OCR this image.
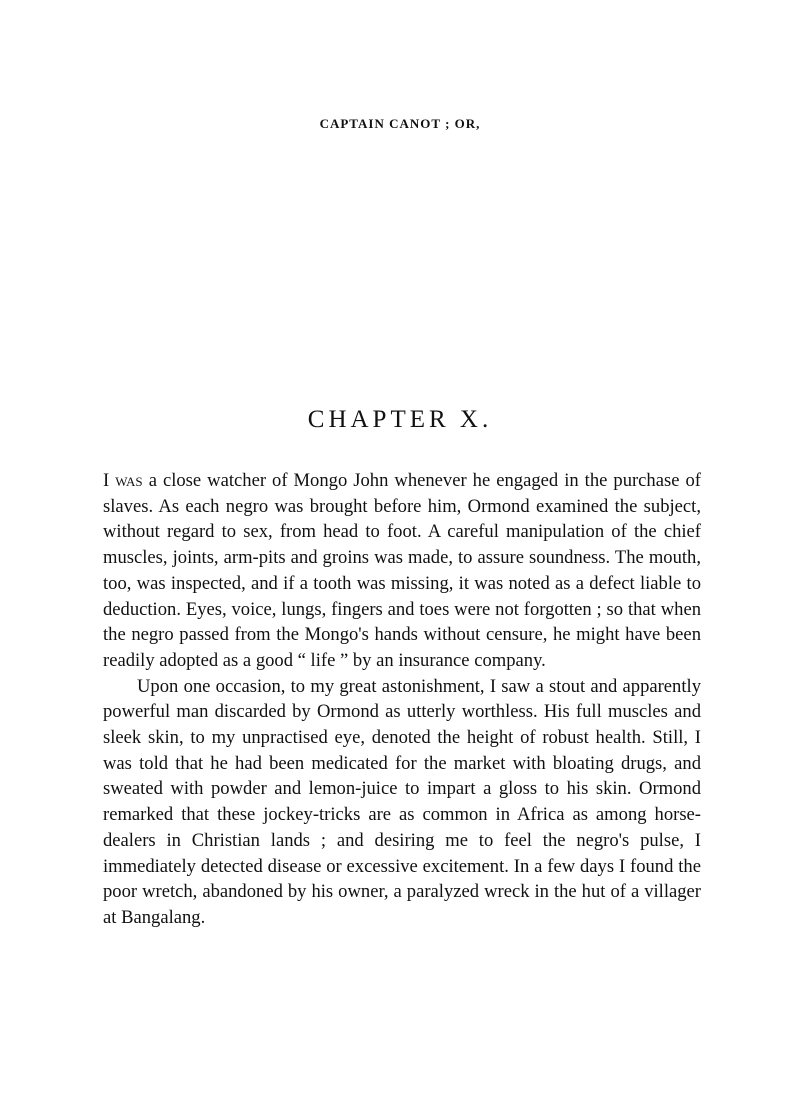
CAPTAIN CANOT ; OR,
CHAPTER X.

I was a close watcher of Mongo John whenever he engaged in the purchase of slaves. As each negro was brought before him, Ormond examined the subject, without regard to sex, from head to foot. A careful manipulation of the chief muscles, joints, arm-pits and groins was made, to assure soundness. The mouth, too, was inspected, and if a tooth was missing, it was noted as a defect liable to deduction. Eyes, voice, lungs, fingers and toes were not forgotten ; so that when the negro passed from the Mongo's hands without censure, he might have been readily adopted as a good “ life ” by an insurance company.

Upon one occasion, to my great astonishment, I saw a stout and apparently powerful man discarded by Ormond as utterly worthless. His full muscles and sleek skin, to my unpractised eye, denoted the height of robust health. Still, I was told that he had been medicated for the market with bloating drugs, and sweated with powder and lemon-juice to impart a gloss to his skin. Ormond remarked that these jockey-tricks are as common in Africa as among horse-dealers in Christian lands ; and desiring me to feel the negro's pulse, I immediately detected disease or excessive excitement. In a few days I found the poor wretch, abandoned by his owner, a paralyzed wreck in the hut of a villager at Bangalang.
